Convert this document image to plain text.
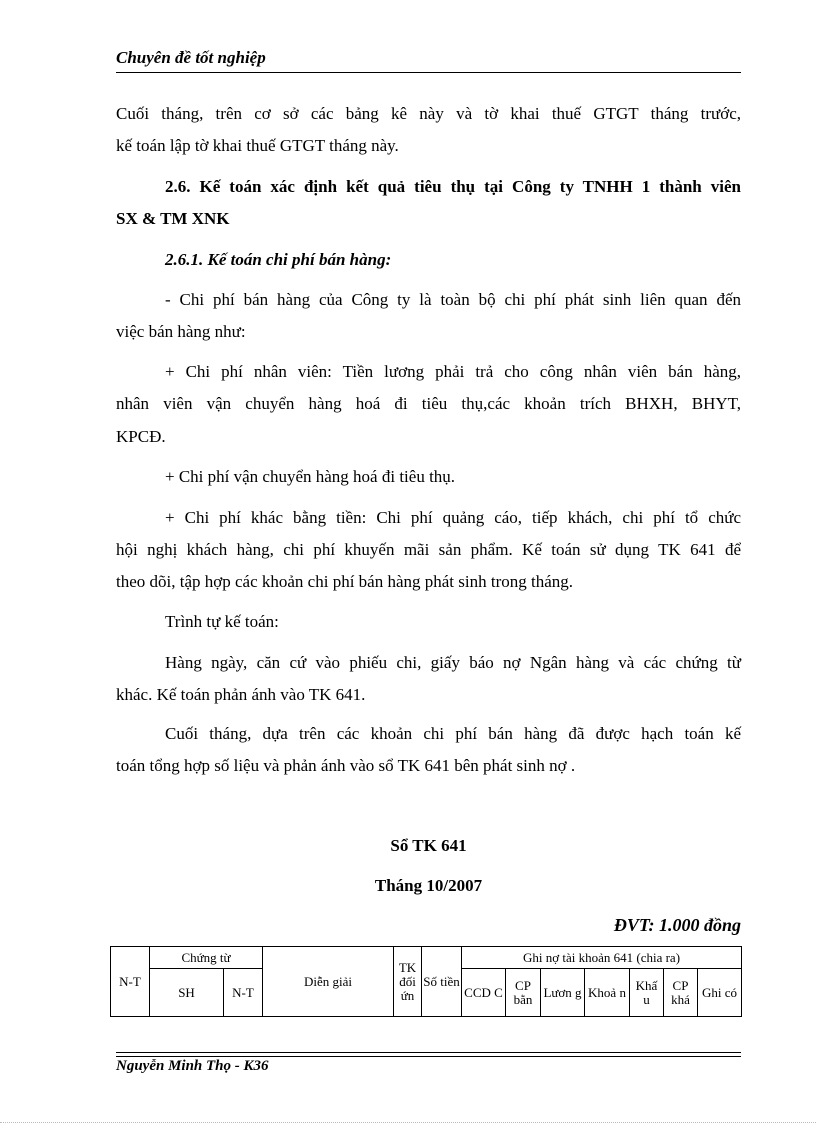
Chuyên đề tốt nghiệp

Cuối tháng, trên cơ sở các bảng kê này và tờ khai thuế GTGT tháng trước,

kế toán lập tờ khai thuế GTGT tháng này.

2.6. Kế toán xác định kết quả tiêu thụ tại Công ty TNHH 1 thành viên

SX & TM XNK

2.6.1. Kế toán chi phí bán hàng:

- Chi phí bán hàng của Công ty là toàn bộ chi phí phát sinh liên quan đến

việc bán hàng như:

+ Chi phí nhân viên: Tiền lương phải trả cho công nhân viên bán hàng,

nhân viên vận chuyển hàng hoá đi tiêu thụ,các khoản trích BHXH, BHYT,

KPCĐ.

+ Chi phí vận chuyển hàng hoá đi tiêu thụ.

+ Chi phí khác bằng tiền: Chi phí quảng cáo, tiếp khách, chi phí tổ chức

hội nghị khách hàng, chi phí khuyến mãi sản phẩm. Kế toán sử dụng TK 641 để

theo dõi, tập hợp các khoản chi phí bán hàng phát sinh trong tháng.

Trình tự kế toán:

Hàng ngày, căn cứ vào phiếu chi, giấy báo nợ Ngân hàng và các chứng từ

khác. Kế toán phản ánh vào TK 641.

Cuối tháng, dựa trên các khoản chi phí bán hàng đã được hạch toán kế

toán tổng hợp số liệu và phản ánh vào sổ TK 641 bên phát sinh nợ .

Sổ TK 641
Tháng 10/2007
ĐVT: 1.000 đồng
N-T	Chứng từ		Diễn giải	TK đối ứn	Số tiền	Ghi nợ tài khoản 641 (chia ra)						
	SH	N-T				CCD C	CP bằn	Lươn g	Khoả n	Khấ u	CP khá	Ghi có
Nguyễn Minh Thọ - K36
